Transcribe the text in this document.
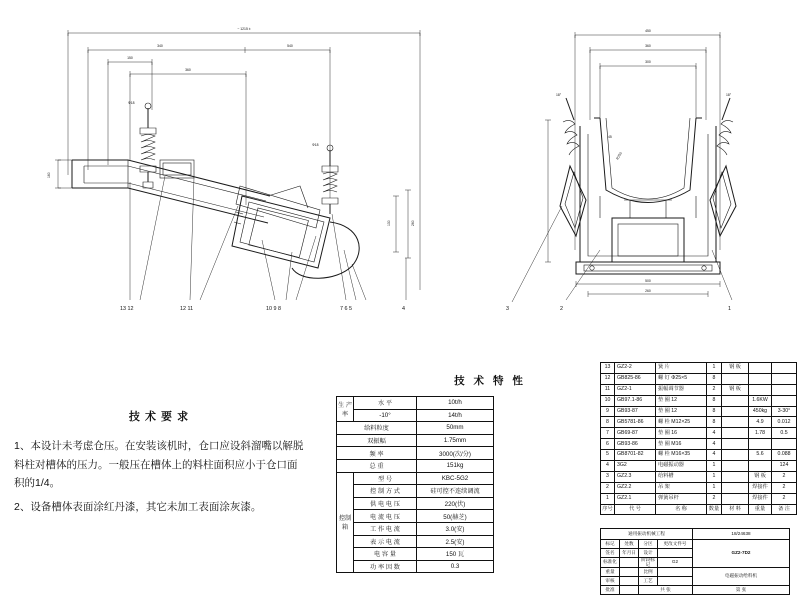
~ 1215 ±
340	540
150
360
Φ18
Φ18
160
260
130
13 12	12 11	10 9 8	7 6 5	4
450
360
300
18°	18°
R250
45
500
260
3	2	1
技 术 要 求

1、本设计未考虑仓压。在安装该机时，仓口应设斜溜嘴以解脱料柱对槽体的压力。一般压在槽体上的料柱面积应小于仓口面积的1/4。

2、设备槽体表面涂红丹漆，其它未加工表面涂灰漆。

技 术 特 性
生 产 率	水 平	10t/h
	-10°	14t/h
给料粒度		50mm
双振幅		1.75mm
频 率		3000(次/分)
总 重		151kg
控制箱	型 号	KBC-5G2
	控 制 方 式	硅可控不连续调流
	供 电 电 压	220(伏)
	电 流 电 压	50(赫芝)
	工 作 电 流	3.0(安)
	表 示 电 流	2.5(安)
	电 容 量	150 瓦
	功 率 因 数	0.3
13	GZ2-2	簧 片	1	钢 板		
12	GB825-86	螺 钉 Φ25×5	8			
11	GZ2-1	振幅调节器	2	钢 板		
10	GB97.1-86	垫 圈 12	8		1.6KW	
9	GB93-87	垫 圈 12	8		450kg	3-30°
8	GB5781-86	螺 栓 M12×25	8		4.9	0.012
7	GB69-87	垫 圈 16	4		1.78	0.5
6	GB93-86	垫 圈 M16	4			
5	GB8701-82	螺 栓 M16×35	4		5.6	0.088
4	3G2	电磁振动器	1			124
3	GZ2.3	给料槽	1		钢 板	2
2	GZ2.2	吊 架	1		焊接件	2
1	GZ2.1	弹簧吊杆	2		焊接件	2
序号	代 号	名 称	数量	材 料	重量	备 注
通用振动机械工程				18/24638
标记	处数	分区	更改文件号	GZ2-7D2
签名	年月日	设计		
标准化		阶段标记	G2	
重量		比例		电磁振动给料机
审核		工艺		
批准		共 张		第 张
